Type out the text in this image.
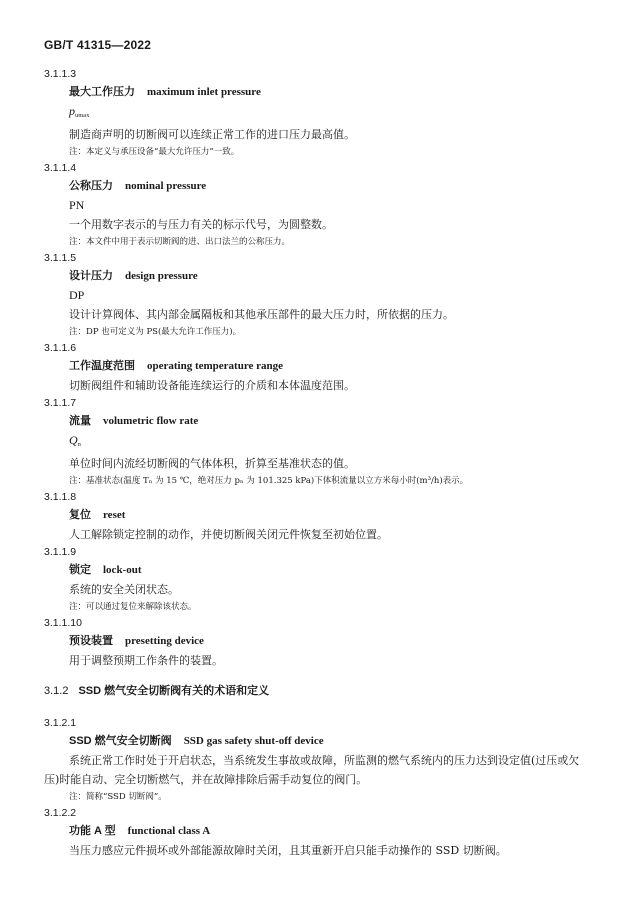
GB/T 41315—2022
3.1.1.3
最大工作压力 maximum inlet pressure
$p_{umax}$
制造商声明的切断阀可以连续正常工作的进口压力最高值。
注：本定义与承压设备“最大允许压力”一致。
3.1.1.4
公称压力 nominal pressure
PN
一个用数字表示的与压力有关的标示代号，为圆整数。
注：本文件中用于表示切断阀的进、出口法兰的公称压力。
3.1.1.5
设计压力 design pressure
DP
设计计算阀体、其内部金属隔板和其他承压部件的最大压力时，所依据的压力。
注：DP 也可定义为 PS(最大允许工作压力)。
3.1.1.6
工作温度范围 operating temperature range
切断阀组件和辅助设备能连续运行的介质和本体温度范围。
3.1.1.7
流量 volumetric flow rate
$Q_n$
单位时间内流经切断阀的气体体积，折算至基准状态的值。
注：基准状态(温度 Tₙ 为 15 ℃，绝对压力 pₙ 为 101.325 kPa)下体积流量以立方米每小时(m³/h)表示。
3.1.1.8
复位 reset
人工解除锁定控制的动作，并使切断阀关闭元件恢复至初始位置。
3.1.1.9
锁定 lock-out
系统的安全关闭状态。
注：可以通过复位来解除该状态。
3.1.1.10
预设装置 presetting device
用于调整预期工作条件的装置。
3.1.2 SSD 燃气安全切断阀有关的术语和定义
3.1.2.1
SSD 燃气安全切断阀 SSD gas safety shut-off device
系统正常工作时处于开启状态，当系统发生事故或故障，所监测的燃气系统内的压力达到设定值(过压或欠压)时能自动、完全切断燃气，并在故障排除后需手动复位的阀门。
注：简称“SSD 切断阀”。
3.1.2.2
功能 A 型 functional class A
当压力感应元件损坏或外部能源故障时关闭，且其重新开启只能手动操作的 SSD 切断阀。
